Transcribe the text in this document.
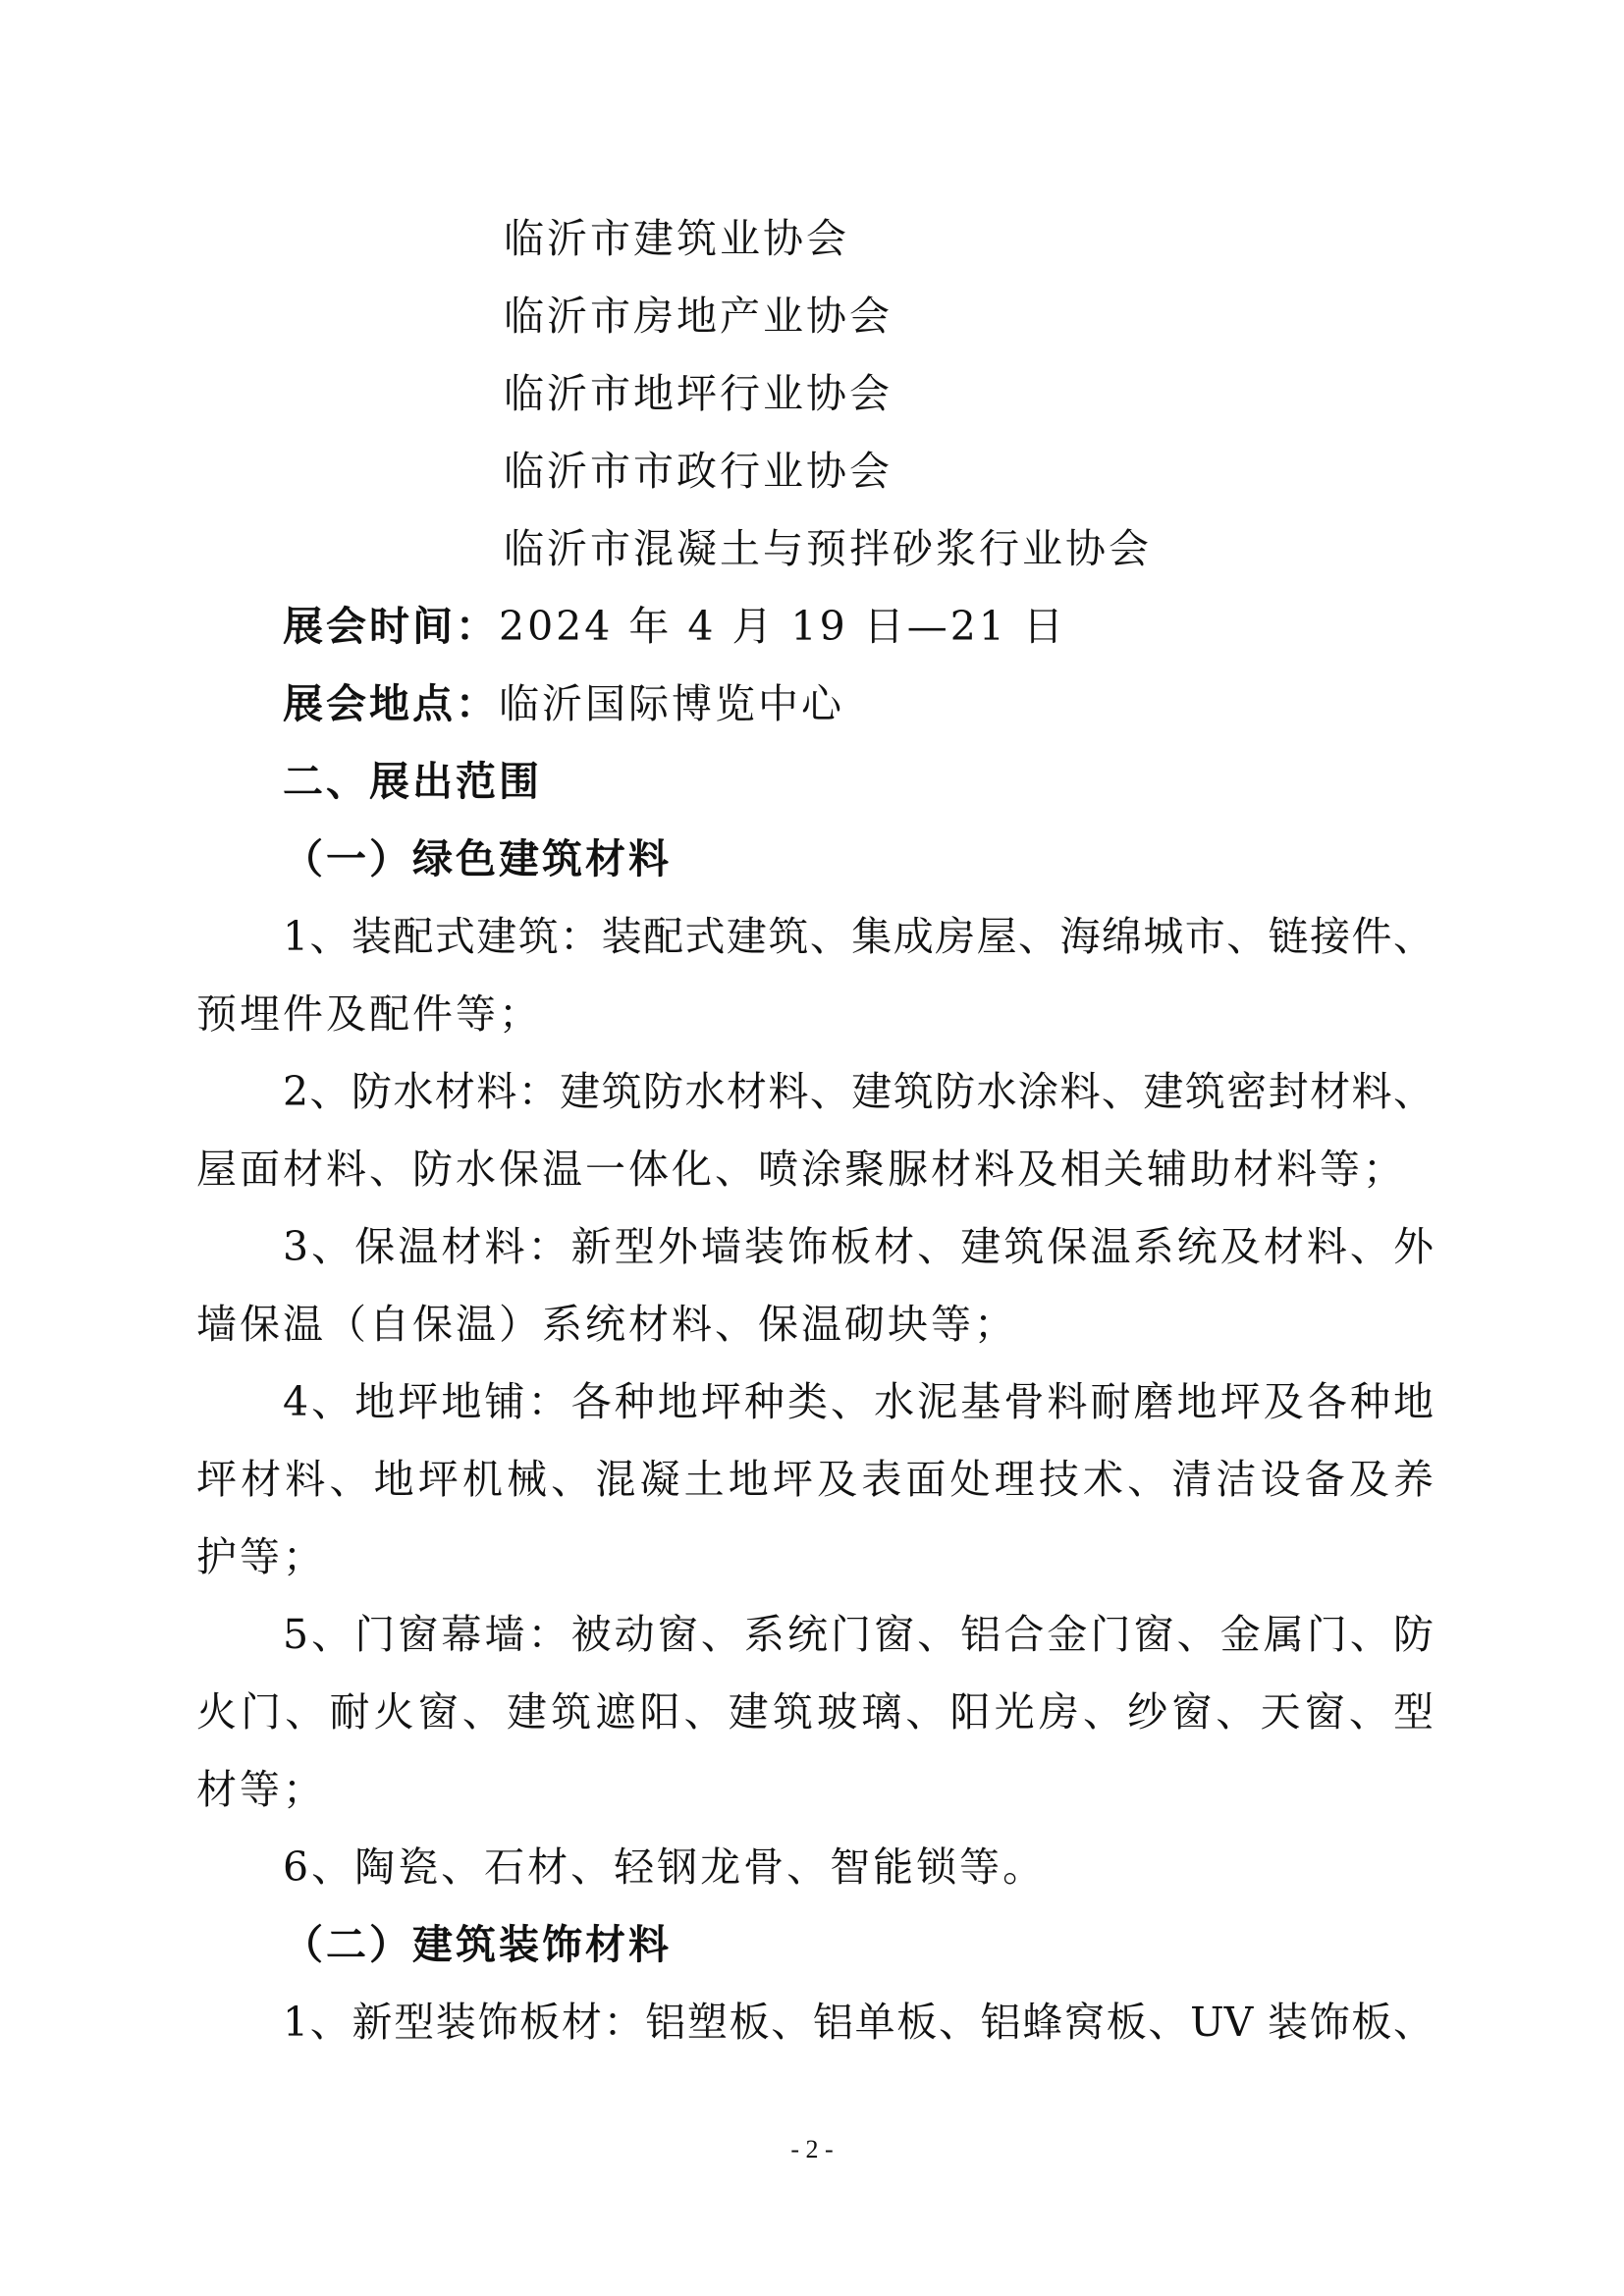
临沂市建筑业协会
临沂市房地产业协会
临沂市地坪行业协会
临沂市市政行业协会
临沂市混凝土与预拌砂浆行业协会
展会时间：2024 年 4 月 19 日—21 日
展会地点：临沂国际博览中心
二、展出范围
（一）绿色建筑材料
1、装配式建筑：装配式建筑、集成房屋、海绵城市、链接件、
预埋件及配件等；
2、防水材料：建筑防水材料、建筑防水涂料、建筑密封材料、
屋面材料、防水保温一体化、喷涂聚脲材料及相关辅助材料等；
3、保温材料：新型外墙装饰板材、建筑保温系统及材料、外
墙保温（自保温）系统材料、保温砌块等；
4、地坪地铺：各种地坪种类、水泥基骨料耐磨地坪及各种地
坪材料、地坪机械、混凝土地坪及表面处理技术、清洁设备及养
护等；
5、门窗幕墙：被动窗、系统门窗、铝合金门窗、金属门、防
火门、耐火窗、建筑遮阳、建筑玻璃、阳光房、纱窗、天窗、型
材等；
6、陶瓷、石材、轻钢龙骨、智能锁等。
（二）建筑装饰材料
1、新型装饰板材：铝塑板、铝单板、铝蜂窝板、UV 装饰板、
- 2 -
